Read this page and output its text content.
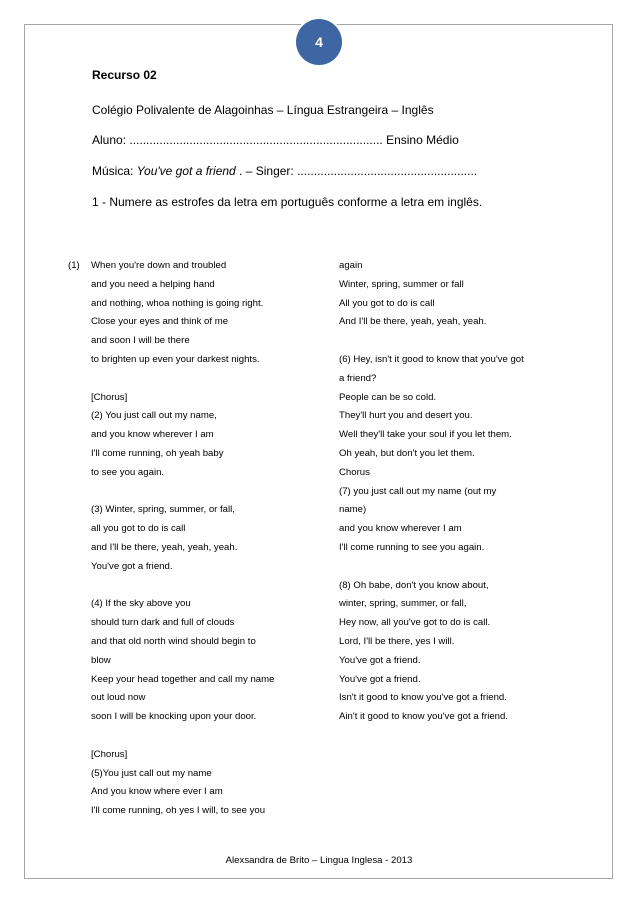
4

Recurso 02

Colégio Polivalente de Alagoinhas – Língua Estrangeira – Inglês

Aluno: ............................................................................ Ensino Médio

Música: You've got a friend . – Singer: ......................................................

1 - Numere as estrofes da letra em português conforme a letra em inglês.

(1) When you're down and troubled
and you need a helping hand
and nothing, whoa nothing is going right.
Close your eyes and think of me
and soon I will be there
to brighten up even your darkest nights.
[Chorus]
(2) You just call out my name,
and you know wherever I am
I'll come running, oh yeah baby
to see you again.
(3) Winter, spring, summer, or fall,
all you got to do is call
and I'll be there, yeah, yeah, yeah.
You've got a friend.
(4) If the sky above you
should turn dark and full of clouds
and that old north wind should begin to
blow
Keep your head together and call my name
out loud now
soon I will be knocking upon your door.
[Chorus]
(5)You just call out my name
And you know where ever I am
I'll come running, oh yes I will, to see you
again
Winter, spring, summer or fall
All you got to do is call
And I'll be there, yeah, yeah, yeah.
(6) Hey, isn't it good to know that you've got
a friend?
People can be so cold.
They'll hurt you and desert you.
Well they'll take your soul if you let them.
Oh yeah, but don't you let them.
Chorus
(7) you just call out my name (out my
name)
and you know wherever I am
I'll come running to see you again.
(8) Oh babe, don't you know about,
winter, spring, summer, or fall,
Hey now, all you've got to do is call.
Lord, I'll be there, yes I will.
You've got a friend.
You've got a friend.
Isn't it good to know you've got a friend.
Ain't it good to know you've got a friend.
Alexsandra de Brito – Lingua Inglesa - 2013
